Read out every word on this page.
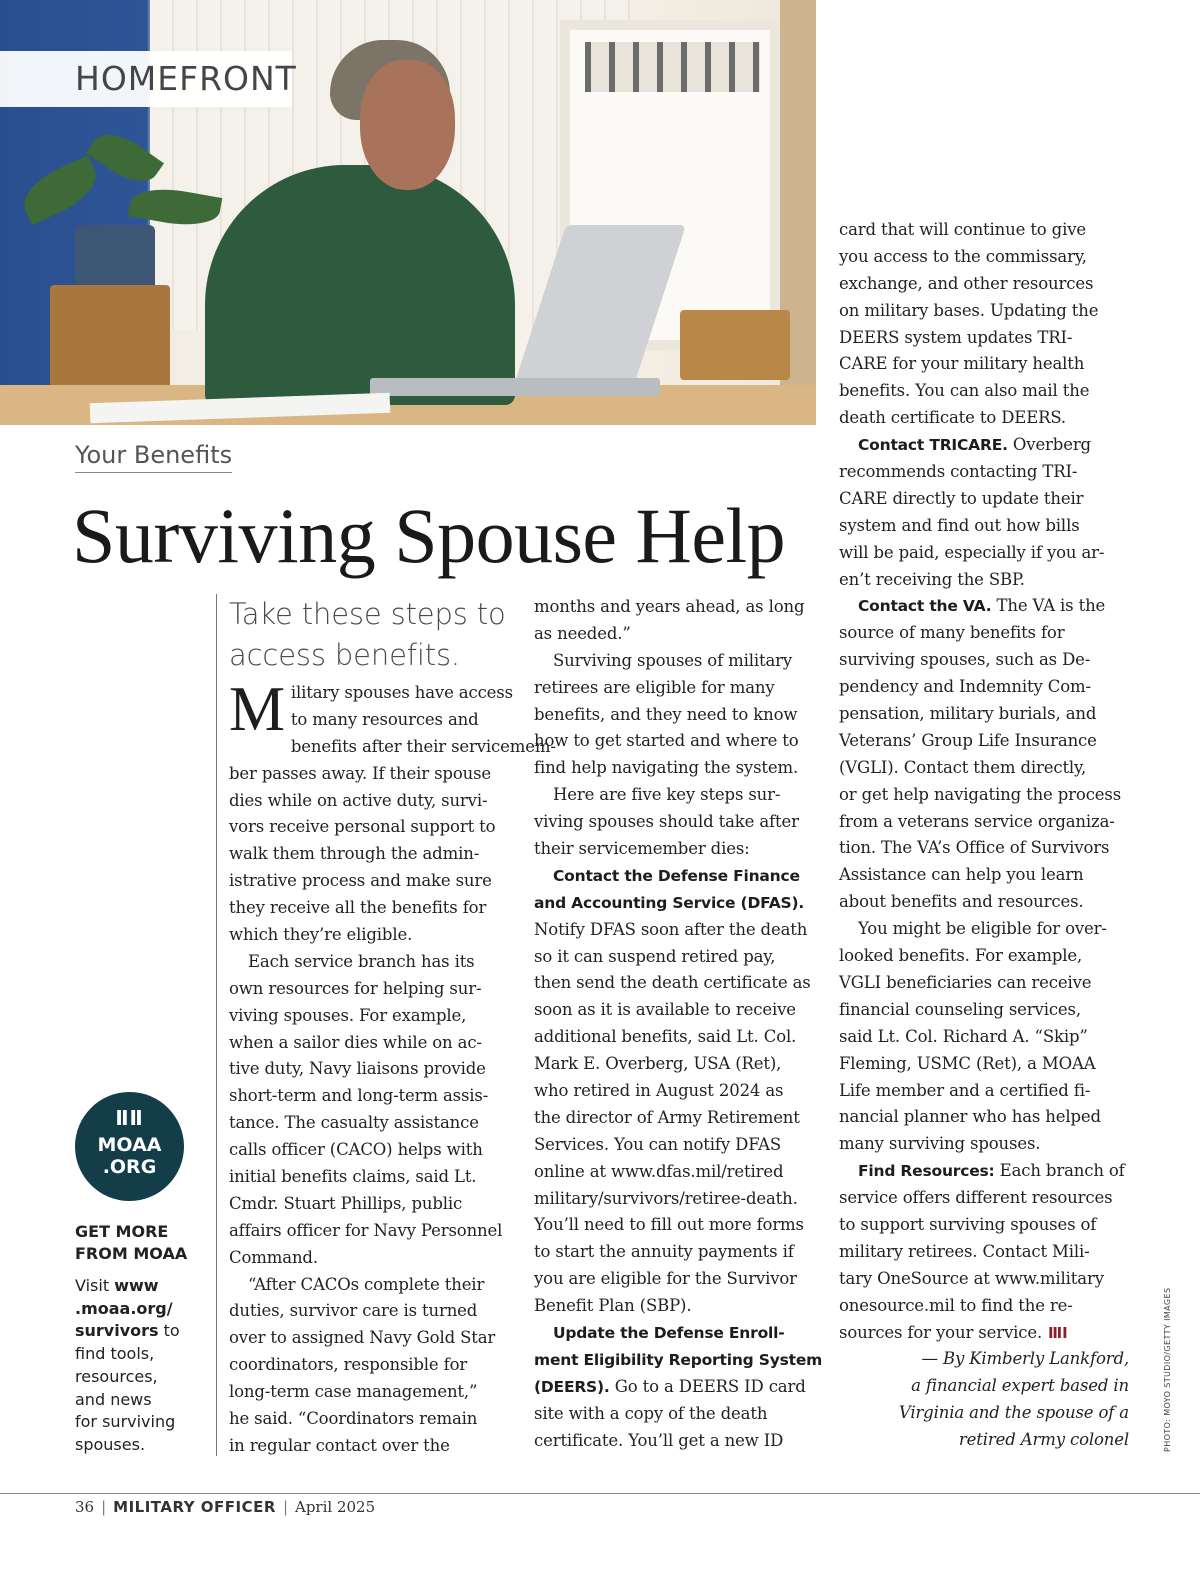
HOMEFRONT

Your Benefits

Surviving Spouse Help
Take these steps to
access benefits.
M ilitary spouses have access
to many resources and
benefits after their servicemem-
ber passes away. If their spouse
dies while on active duty, survi-
vors receive personal support to
walk them through the admin-
istrative process and make sure
they receive all the benefits for
which they’re eligible.
Each service branch has its
own resources for helping sur-
viving spouses. For example,
when a sailor dies while on ac-
tive duty, Navy liaisons provide
short-term and long-term assis-
tance. The casualty assistance
calls officer (CACO) helps with
initial benefits claims, said Lt.
Cmdr. Stuart Phillips, public
affairs officer for Navy Personnel
Command.
“After CACOs complete their
duties, survivor care is turned
over to assigned Navy Gold Star
coordinators, responsible for
long-term case management,”
he said. “Coordinators remain
in regular contact over the
months and years ahead, as long
as needed.”
Surviving spouses of military
retirees are eligible for many
benefits, and they need to know
how to get started and where to
find help navigating the system.
Here are five key steps sur-
viving spouses should take after
their servicemember dies:
Contact the Defense Finance
and Accounting Service (DFAS).
Notify DFAS soon after the death
so it can suspend retired pay,
then send the death certificate as
soon as it is available to receive
additional benefits, said Lt. Col.
Mark E. Overberg, USA (Ret),
who retired in August 2024 as
the director of Army Retirement
Services. You can notify DFAS
online at www.dfas.mil/retired
military/survivors/retiree-death.
You’ll need to fill out more forms
to start the annuity payments if
you are eligible for the Survivor
Benefit Plan (SBP).
Update the Defense Enroll-
ment Eligibility Reporting System
(DEERS). Go to a DEERS ID card
site with a copy of the death
certificate. You’ll get a new ID
card that will continue to give
you access to the commissary,
exchange, and other resources
on military bases. Updating the
DEERS system updates TRI-
CARE for your military health
benefits. You can also mail the
death certificate to DEERS.
Contact TRICARE. Overberg
recommends contacting TRI-
CARE directly to update their
system and find out how bills
will be paid, especially if you ar-
en’t receiving the SBP.
Contact the VA. The VA is the
source of many benefits for
surviving spouses, such as De-
pendency and Indemnity Com-
pensation, military burials, and
Veterans’ Group Life Insurance
(VGLI). Contact them directly,
or get help navigating the process
from a veterans service organiza-
tion. The VA’s Office of Survivors
Assistance can help you learn
about benefits and resources.
You might be eligible for over-
looked benefits. For example,
VGLI beneficiaries can receive
financial counseling services,
said Lt. Col. Richard A. “Skip”
Fleming, USMC (Ret), a MOAA
Life member and a certified fi-
nancial planner who has helped
many surviving spouses.
Find Resources: Each branch of
service offers different resources
to support surviving spouses of
military retirees. Contact Mili-
tary OneSource at www.military
onesource.mil to find the re-
sources for your service. ⅢⅠ
— By Kimberly Lankford,
a financial expert based in
Virginia and the spouse of a
retired Army colonel
ⅡⅡ
MOAA
.ORG
GET MORE
FROM MOAA
Visit www
.moaa.org/
survivors to
find tools,
resources,
and news
for surviving
spouses.	PHOTO: MOYO STUDIO/GETTY IMAGES
36 | MILITARY OFFICER | April 2025
